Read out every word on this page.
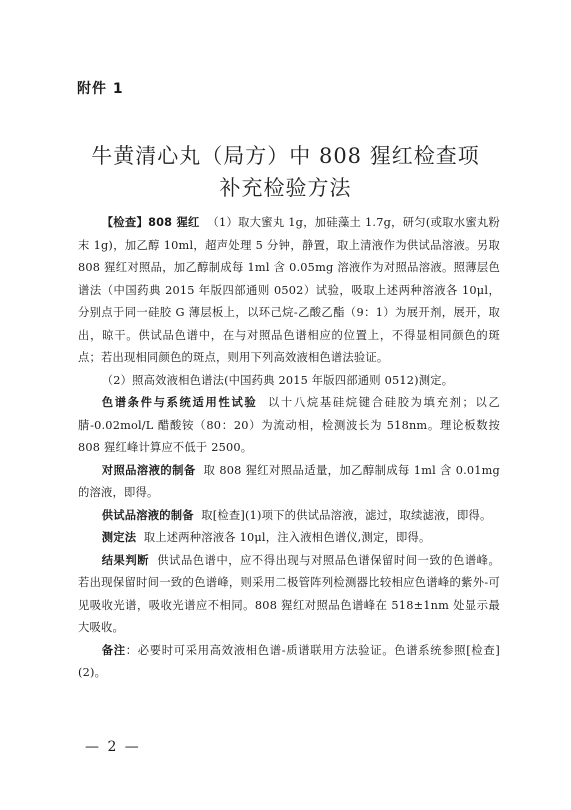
附件 1
牛黄清心丸（局方）中 808 猩红检查项
补充检验方法

【检查】808 猩红 （1）取大蜜丸 1g，加硅藻土 1.7g，研匀(或取水蜜丸粉末 1g)，加乙醇 10ml，超声处理 5 分钟，静置，取上清液作为供试品溶液。另取 808 猩红对照品，加乙醇制成每 1ml 含 0.05mg 溶液作为对照品溶液。照薄层色谱法（中国药典 2015 年版四部通则 0502）试验，吸取上述两种溶液各 10μl，分别点于同一硅胶 G 薄层板上，以环己烷-乙酸乙酯（9：1）为展开剂，展开，取出，晾干。供试品色谱中，在与对照品色谱相应的位置上，不得显相同颜色的斑点；若出现相同颜色的斑点，则用下列高效液相色谱法验证。

（2）照高效液相色谱法(中国药典 2015 年版四部通则 0512)测定。

色谱条件与系统适用性试验 以十八烷基硅烷键合硅胶为填充剂；以乙腈-0.02mol/L 醋酸铵（80：20）为流动相，检测波长为 518nm。理论板数按 808 猩红峰计算应不低于 2500。

对照品溶液的制备 取 808 猩红对照品适量，加乙醇制成每 1ml 含 0.01mg 的溶液，即得。

供试品溶液的制备 取[检查](1)项下的供试品溶液，滤过，取续滤液，即得。

测定法 取上述两种溶液各 10μl，注入液相色谱仪,测定，即得。

结果判断 供试品色谱中，应不得出现与对照品色谱保留时间一致的色谱峰。若出现保留时间一致的色谱峰，则采用二极管阵列检测器比较相应色谱峰的紫外-可见吸收光谱，吸收光谱应不相同。808 猩红对照品色谱峰在 518±1nm 处显示最大吸收。

备注：必要时可采用高效液相色谱-质谱联用方法验证。色谱系统参照[检查](2)。

— 2 —
